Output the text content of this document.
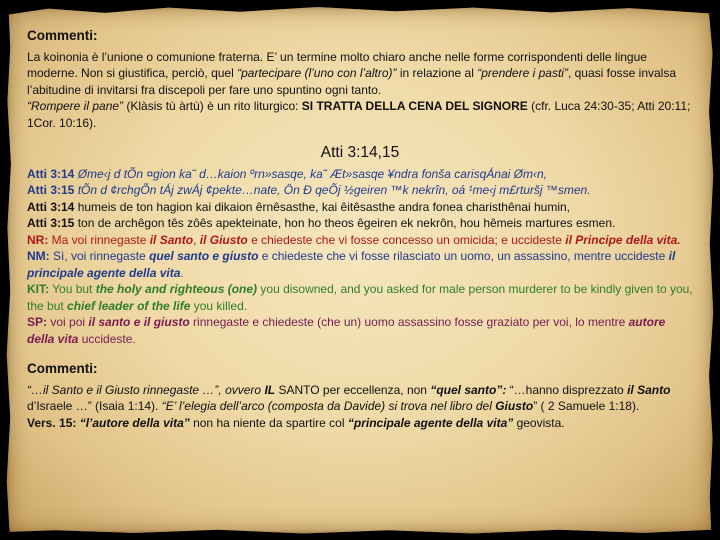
Commenti:

La koinonia è l’unione o comunione fraterna. E’ un termine molto chiaro anche nelle forme corrispondenti delle lingue moderne. Non si giustifica, perciò, quel “partecipare (l’uno con l’altro)” in relazione al “prendere i pasti”, quasi fosse invalsa l’abitudine di invitarsi fra discepoli per fare uno spuntino ogni tanto.

“Rompere il pane” (Klàsis tù àrtù) è un rito liturgico: SI TRATTA DELLA CENA DEL SIGNORE (cfr. Luca 24:30-35; Atti 20:11; 1Cor. 10:16).

Atti 3:14,15

Atti 3:14 Øme‹j d tÕn ¤gion ka˜ d…kaion ºrn»sasqe, ka˜ Æt»sasqe ¥ndra fonša carisqÁnai Øm‹n,

Atti 3:15 tÕn d ¢rchgÕn tÁj zwÁj ¢pekte…nate, Ön Ð qeÕj ½geiren ™k nekrîn, oá ¹me‹j m£rturšj ™smen.

Atti 3:14 humeis de ton hagion kai dikaion êrnêsasthe, kai êitêsasthe andra fonea charisthênai humin,

Atti 3:15 ton de archêgon tês zôês apekteinate, hon ho theos êgeiren ek nekrôn, hou hêmeis martures esmen.

NR: Ma voi rinnegaste il Santo, il Giusto e chiedeste che vi fosse concesso un omicida; e uccideste il Principe della vita.

NM: Sì, voi rinnegaste quel santo e giusto e chiedeste che vi fosse rilasciato un uomo, un assassino, mentre uccideste il principale agente della vita.

KIT: You but the holy and righteous (one) you disowned, and you asked for male person murderer to be kindly given to you, the but chief leader of the life you killed.

SP: voi poi il santo e il giusto rinnegaste e chiedeste (che un) uomo assassino fosse graziato per voi, lo mentre autore della vita uccideste.

Commenti:

“…il Santo e il Giusto rinnegaste …”, ovvero IL SANTO per eccellenza, non “quel santo”: “…hanno disprezzato il Santo d’Israele …” (Isaia 1:14). “E’ l’elegia dell’arco (composta da Davide) si trova nel libro del Giusto” ( 2 Samuele 1:18).

Vers. 15: “l’autore della vita” non ha niente da spartire col “principale agente della vita” geovista.
